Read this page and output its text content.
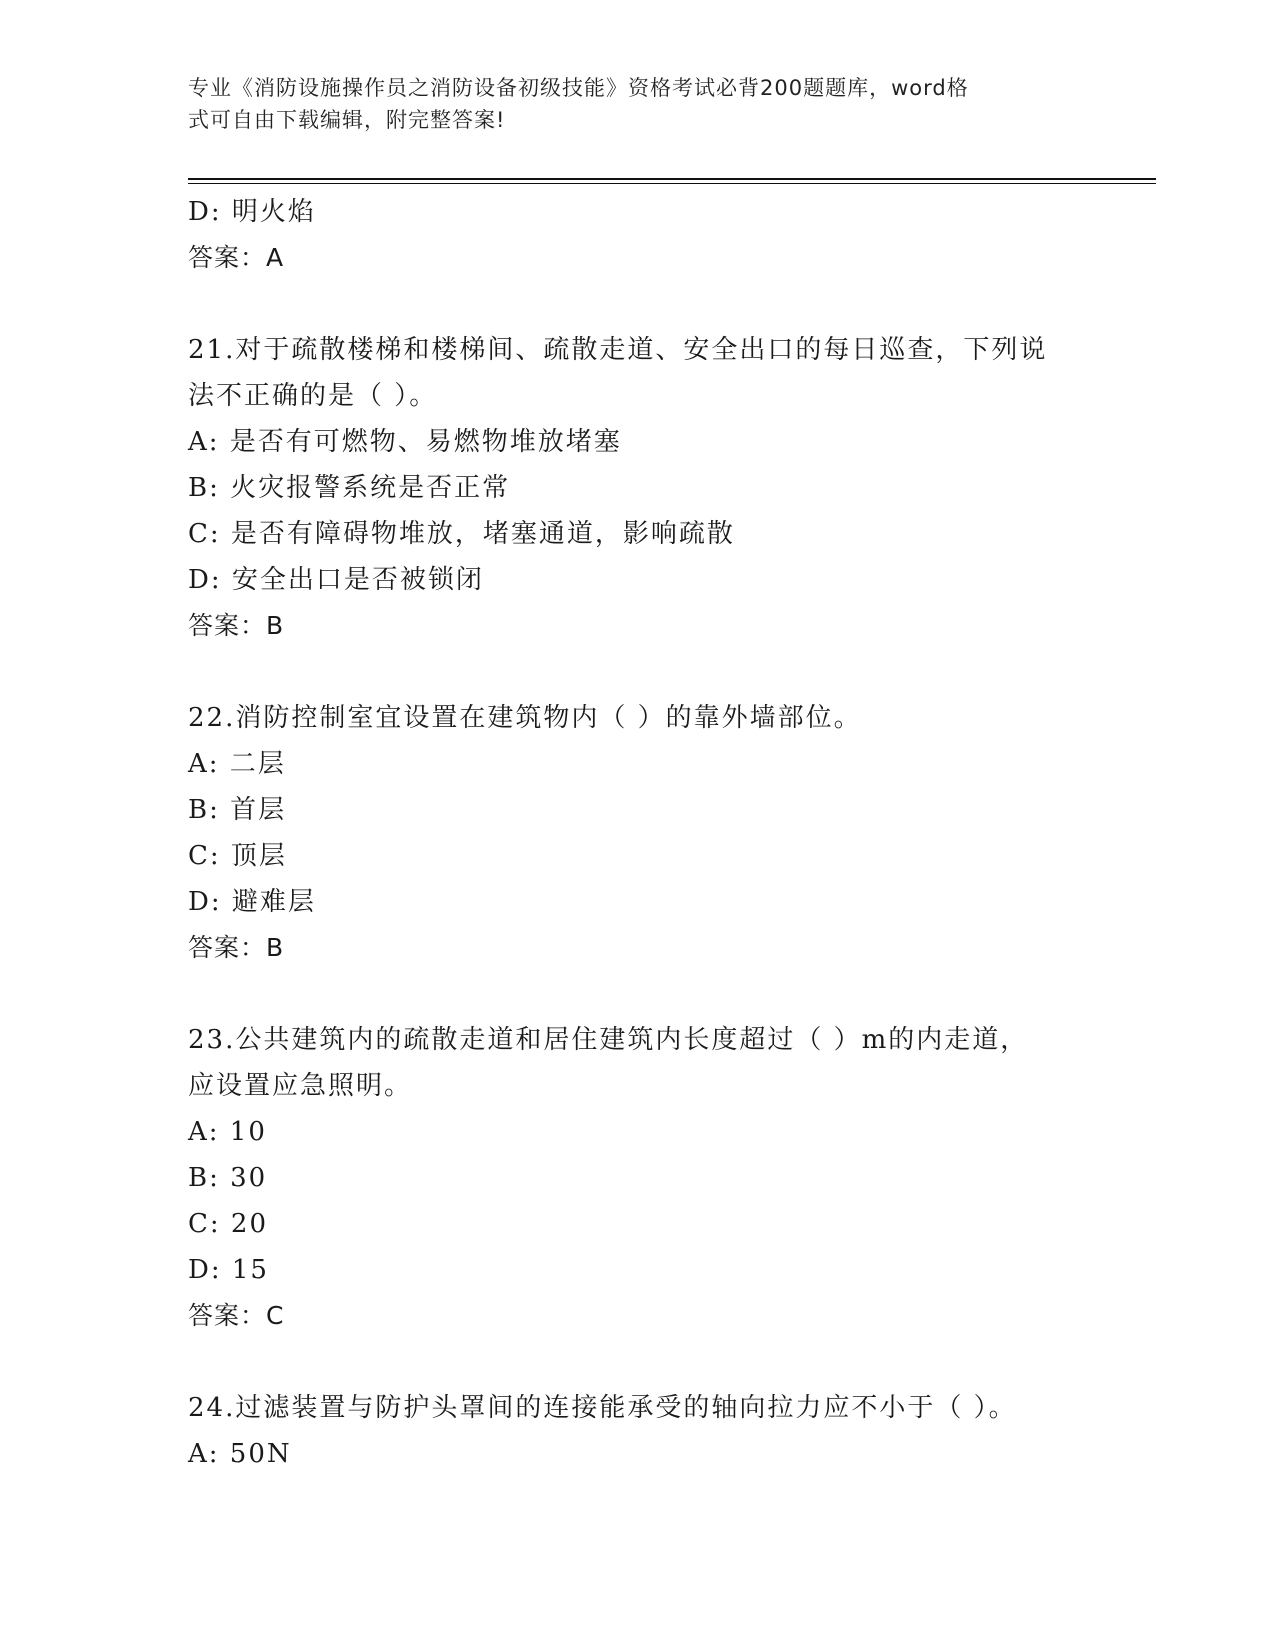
专业《消防设施操作员之消防设备初级技能》资格考试必背200题题库，word格
式可自由下载编辑，附完整答案!
D: 明火焰
答案：A
21.对于疏散楼梯和楼梯间、疏散走道、安全出口的每日巡查，下列说
法不正确的是（ ）。
A: 是否有可燃物、易燃物堆放堵塞
B: 火灾报警系统是否正常
C: 是否有障碍物堆放，堵塞通道，影响疏散
D: 安全出口是否被锁闭
答案：B
22.消防控制室宜设置在建筑物内（ ）的靠外墙部位。
A: 二层
B: 首层
C: 顶层
D: 避难层
答案：B
23.公共建筑内的疏散走道和居住建筑内长度超过（ ）m的内走道，
应设置应急照明。
A: 10
B: 30
C: 20
D: 15
答案：C
24.过滤装置与防护头罩间的连接能承受的轴向拉力应不小于（ ）。
A: 50N
